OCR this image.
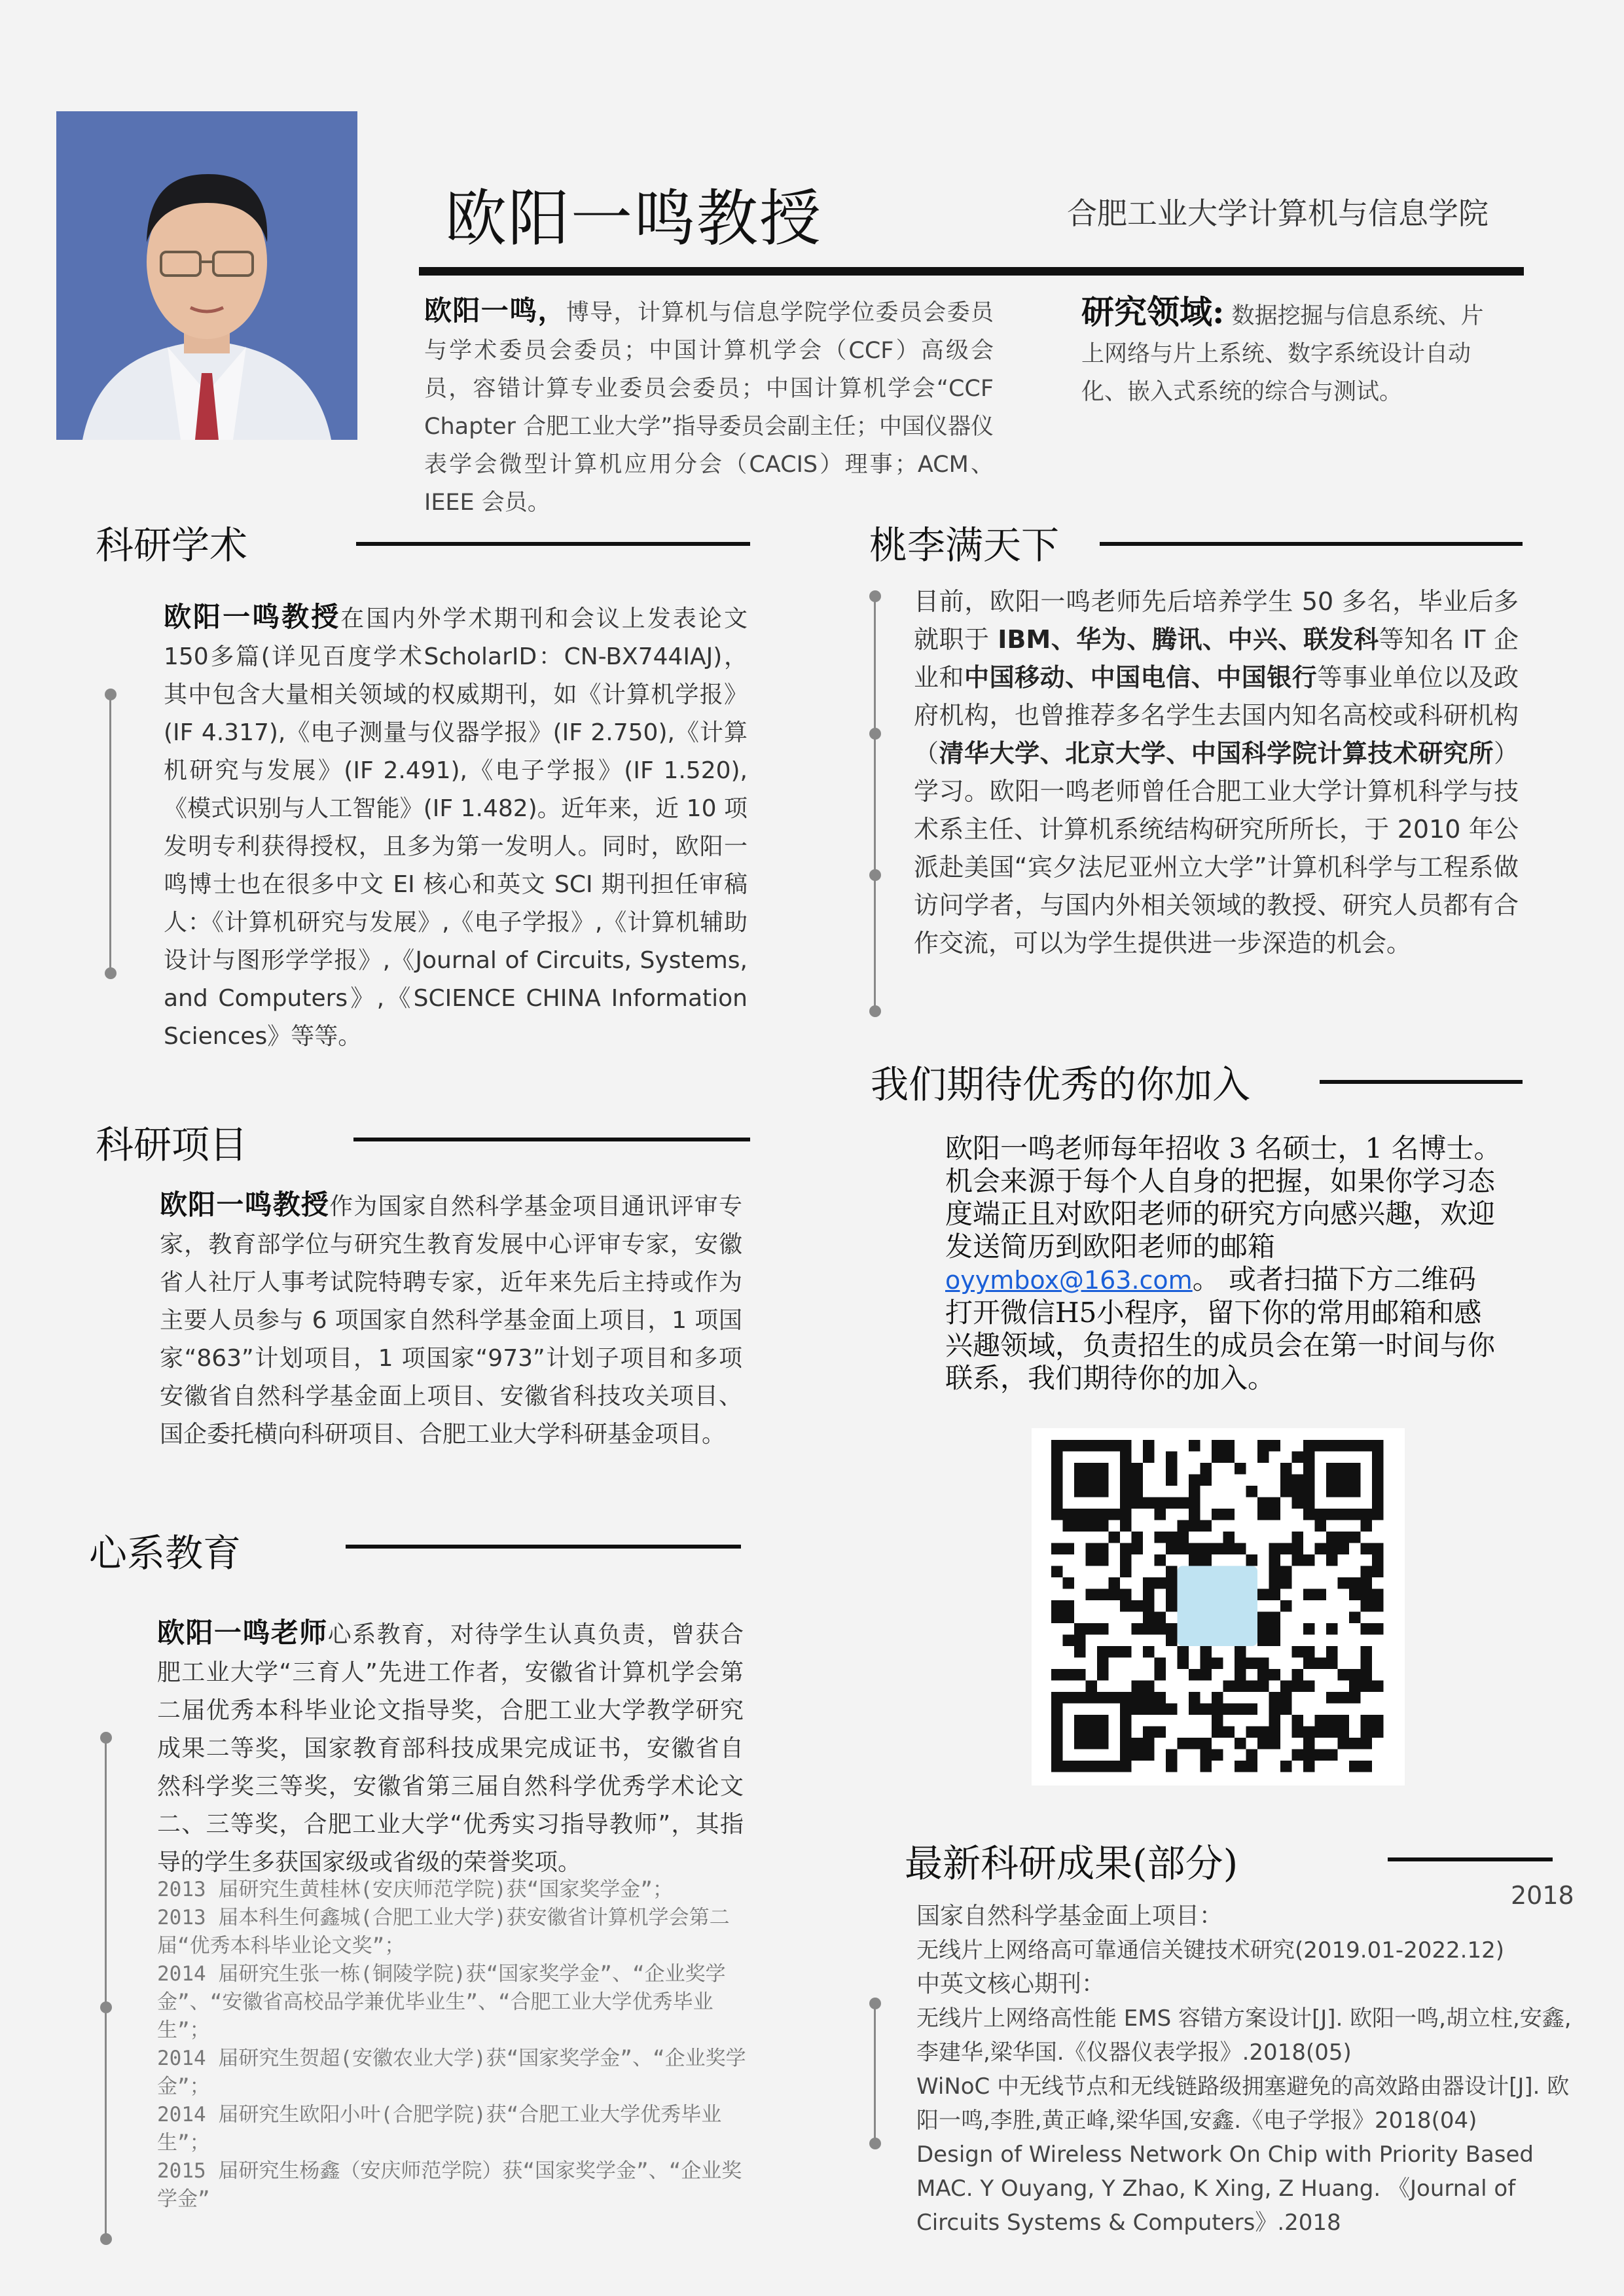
欧阳一鸣教授	合肥工业大学计算机与信息学院
欧阳一鸣，博导，计算机与信息学院学位委员会委员与学术委员会委员；中国计算机学会（CCF）高级会员，容错计算专业委员会委员；中国计算机学会“CCF Chapter 合肥工业大学”指导委员会副主任；中国仪器仪表学会微型计算机应用分会（CACIS）理事；ACM、IEEE 会员。
研究领域: 数据挖掘与信息系统、片上网络与片上系统、数字系统设计自动化、嵌入式系统的综合与测试。
科研学术
欧阳一鸣教授在国内外学术期刊和会议上发表论文150多篇(详见百度学术ScholarID：CN-BX744IAJ)，其中包含大量相关领域的权威期刊，如《计算机学报》(IF 4.317),《电子测量与仪器学报》(IF 2.750),《计算机研究与发展》(IF 2.491),《电子学报》(IF 1.520),《模式识别与人工智能》(IF 1.482)。近年来，近 10 项发明专利获得授权，且多为第一发明人。同时，欧阳一鸣博士也在很多中文 EI 核心和英文 SCI 期刊担任审稿人：《计算机研究与发展》,《电子学报》,《计算机辅助设计与图形学学报》,《Journal of Circuits, Systems, and Computers》,《SCIENCE CHINA Information Sciences》等等。
科研项目
欧阳一鸣教授作为国家自然科学基金项目通讯评审专家，教育部学位与研究生教育发展中心评审专家，安徽省人社厅人事考试院特聘专家，近年来先后主持或作为主要人员参与 6 项国家自然科学基金面上项目，1 项国家“863”计划项目，1 项国家“973”计划子项目和多项安徽省自然科学基金面上项目、安徽省科技攻关项目、国企委托横向科研项目、合肥工业大学科研基金项目。
心系教育
欧阳一鸣老师心系教育，对待学生认真负责，曾获合肥工业大学“三育人”先进工作者，安徽省计算机学会第二届优秀本科毕业论文指导奖，合肥工业大学教学研究成果二等奖，国家教育部科技成果完成证书，安徽省自然科学奖三等奖，安徽省第三届自然科学优秀学术论文二、三等奖，合肥工业大学“优秀实习指导教师”，其指导的学生多获国家级或省级的荣誉奖项。
2013 届研究生黄桂林(安庆师范学院)获“国家奖学金”；
2013 届本科生何鑫城(合肥工业大学)获安徽省计算机学会第二届“优秀本科毕业论文奖”；
2014 届研究生张一栋(铜陵学院)获“国家奖学金”、“企业奖学金”、“安徽省高校品学兼优毕业生”、“合肥工业大学优秀毕业生”；
2014 届研究生贺超(安徽农业大学)获“国家奖学金”、“企业奖学金”；
2014 届研究生欧阳小叶(合肥学院)获“合肥工业大学优秀毕业生”；
2015 届研究生杨鑫（安庆师范学院）获“国家奖学金”、“企业奖学金”
桃李满天下
目前，欧阳一鸣老师先后培养学生 50 多名，毕业后多就职于 IBM、华为、腾讯、中兴、联发科等知名 IT 企业和中国移动、中国电信、中国银行等事业单位以及政府机构，也曾推荐多名学生去国内知名高校或科研机构（清华大学、北京大学、中国科学院计算技术研究所）学习。欧阳一鸣老师曾任合肥工业大学计算机科学与技术系主任、计算机系统结构研究所所长，于 2010 年公派赴美国“宾夕法尼亚州立大学”计算机科学与工程系做访问学者，与国内外相关领域的教授、研究人员都有合作交流，可以为学生提供进一步深造的机会。
我们期待优秀的你加入
欧阳一鸣老师每年招收 3 名硕士，1 名博士。机会来源于每个人自身的把握，如果你学习态度端正且对欧阳老师的研究方向感兴趣，欢迎发送简历到欧阳老师的邮箱oyymbox@163.com。 或者扫描下方二维码打开微信H5小程序，留下你的常用邮箱和感兴趣领域，负责招生的成员会在第一时间与你联系，我们期待你的加入。
最新科研成果(部分)
2018
国家自然科学基金面上项目：
无线片上网络高可靠通信关键技术研究(2019.01-2022.12)
中英文核心期刊：
无线片上网络高性能 EMS 容错方案设计[J]. 欧阳一鸣,胡立柱,安鑫,李建华,梁华国.《仪器仪表学报》.2018(05)
WiNoC 中无线节点和无线链路级拥塞避免的高效路由器设计[J]. 欧阳一鸣,李胜,黄正峰,梁华国,安鑫.《电子学报》2018(04)
Design of Wireless Network On Chip with Priority Based MAC. Y Ouyang, Y Zhao, K Xing, Z Huang. 《Journal of Circuits Systems & Computers》.2018
